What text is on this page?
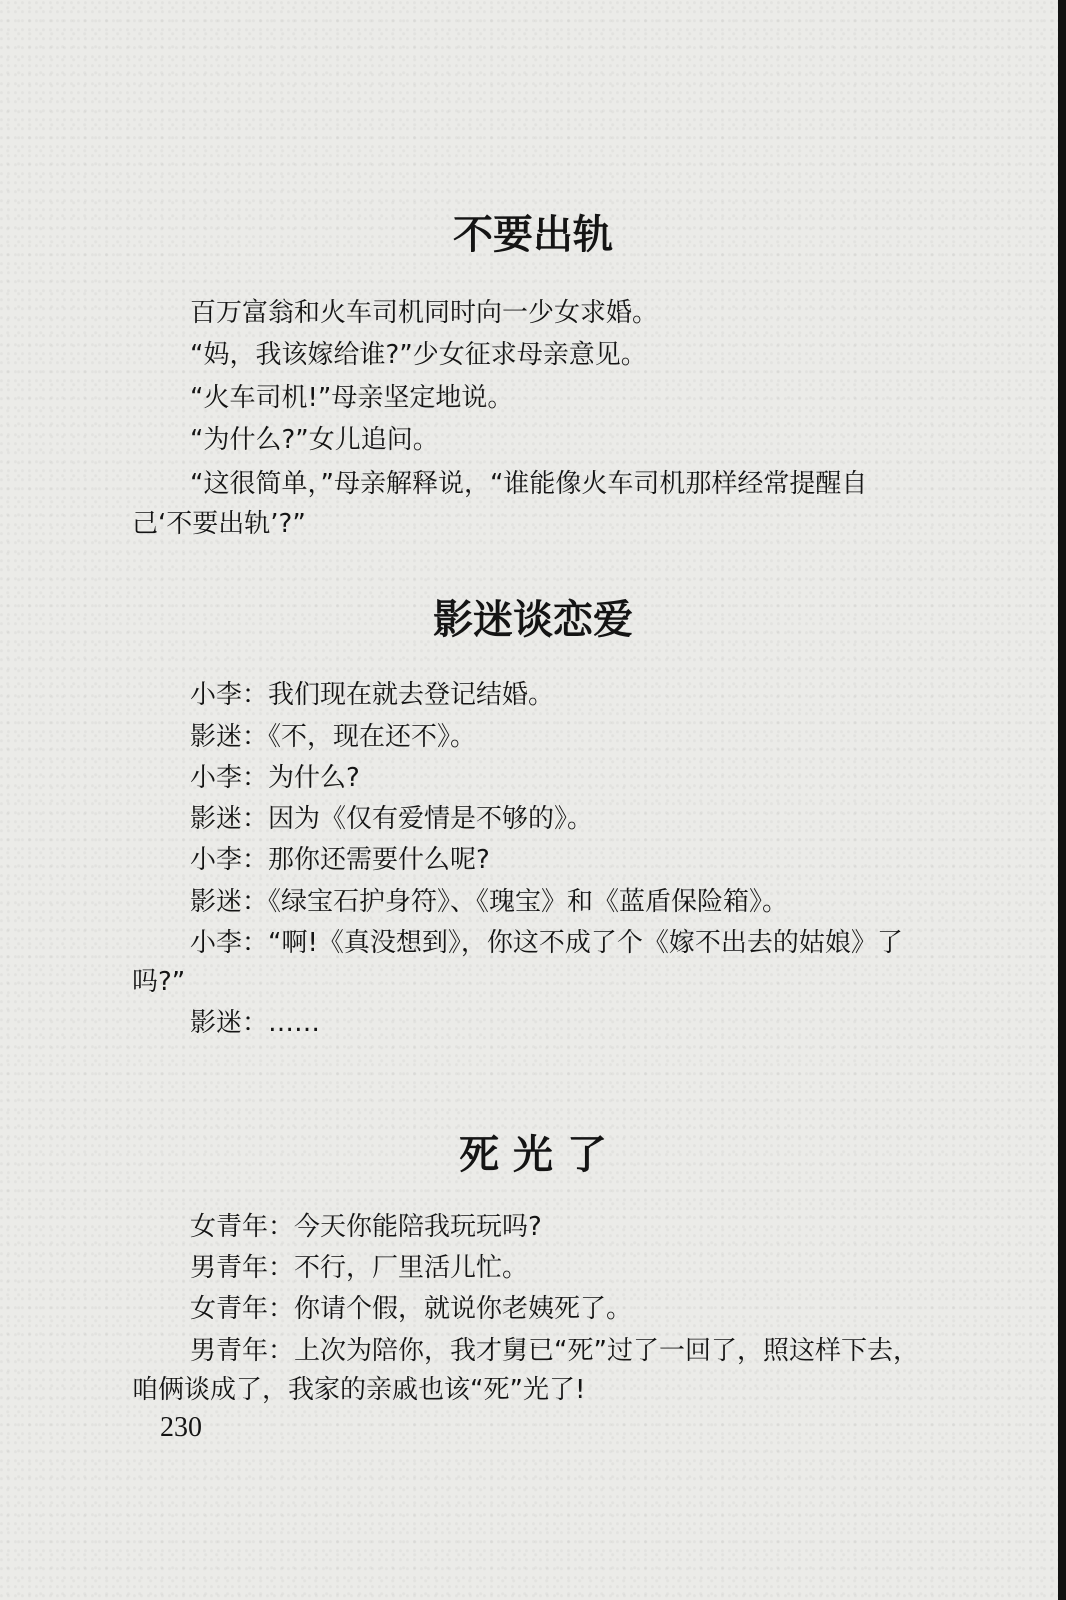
不要出轨

百万富翁和火车司机同时向一少女求婚。

“妈，我该嫁给谁?”少女征求母亲意见。

“火车司机!”母亲坚定地说。

“为什么?”女儿追问。

“这很简单，”母亲解释说，“谁能像火车司机那样经常提醒自

己‘不要出轨’?”

影迷谈恋爱

小李：我们现在就去登记结婚。

影迷：《不，现在还不》。

小李：为什么?

影迷：因为《仅有爱情是不够的》。

小李：那你还需要什么呢?

影迷：《绿宝石护身符》、《瑰宝》和《蓝盾保险箱》。

小李：“啊!《真没想到》，你这不成了个《嫁不出去的姑娘》了

吗?”

影迷：……

死 光 了

女青年：今天你能陪我玩玩吗?

男青年：不行，厂里活儿忙。

女青年：你请个假，就说你老姨死了。

男青年：上次为陪你，我才舅已“死”过了一回了，照这样下去，

咱俩谈成了，我家的亲戚也该“死”光了!

230
